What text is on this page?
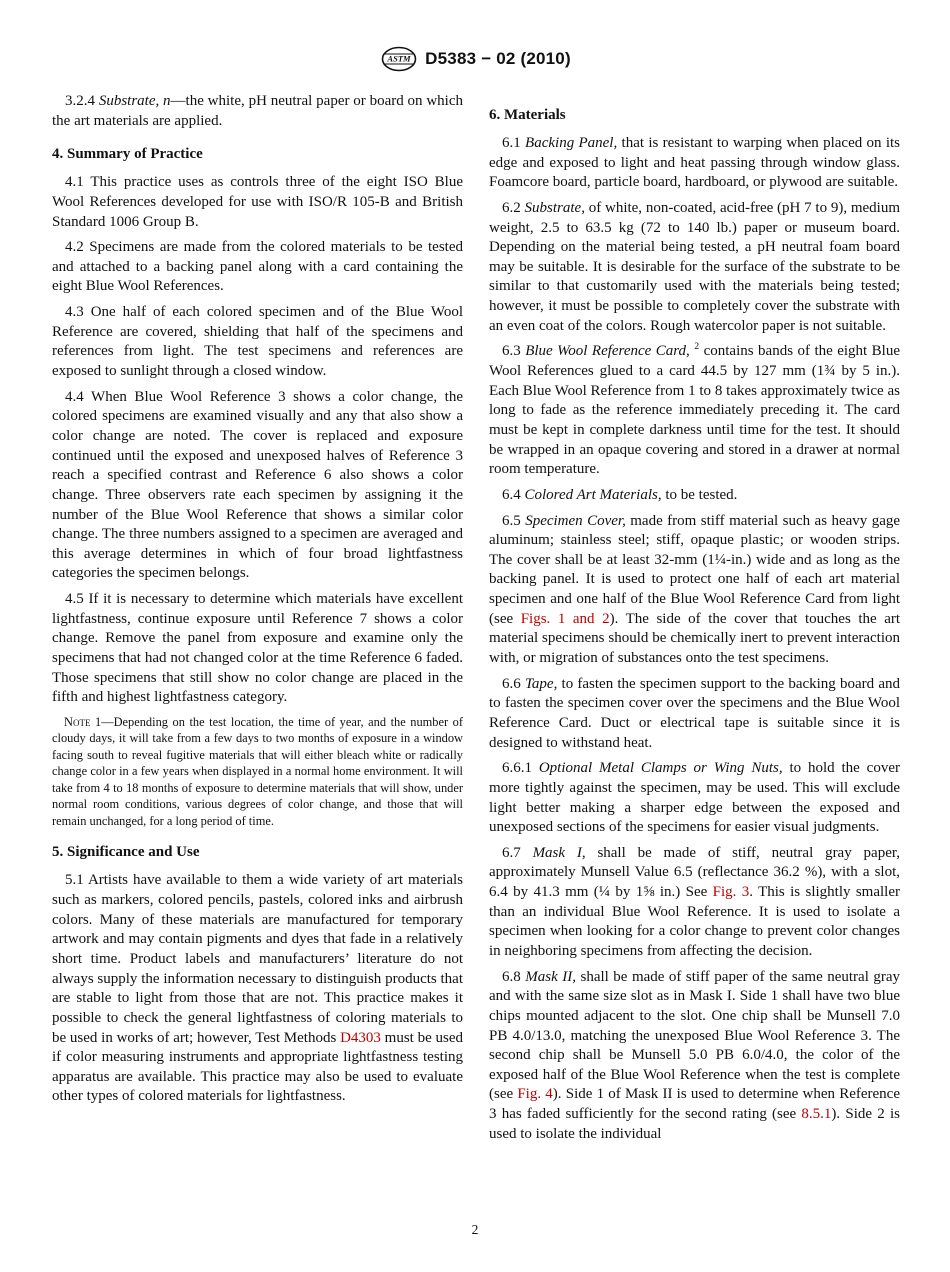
ASTM D5383 − 02 (2010)

3.2.4 Substrate, n—the white, pH neutral paper or board on which the art materials are applied.

4. Summary of Practice

4.1 This practice uses as controls three of the eight ISO Blue Wool References developed for use with ISO/R 105-B and British Standard 1006 Group B.

4.2 Specimens are made from the colored materials to be tested and attached to a backing panel along with a card containing the eight Blue Wool References.

4.3 One half of each colored specimen and of the Blue Wool Reference are covered, shielding that half of the specimens and references from light. The test specimens and references are exposed to sunlight through a closed window.

4.4 When Blue Wool Reference 3 shows a color change, the colored specimens are examined visually and any that also show a color change are noted. The cover is replaced and exposure continued until the exposed and unexposed halves of Reference 3 reach a specified contrast and Reference 6 also shows a color change. Three observers rate each specimen by assigning it the number of the Blue Wool Reference that shows a similar color change. The three numbers assigned to a specimen are averaged and this average determines in which of four broad lightfastness categories the specimen belongs.

4.5 If it is necessary to determine which materials have excellent lightfastness, continue exposure until Reference 7 shows a color change. Remove the panel from exposure and examine only the specimens that had not changed color at the time Reference 6 faded. Those specimens that still show no color change are placed in the fifth and highest lightfastness category.

Note 1—Depending on the test location, the time of year, and the number of cloudy days, it will take from a few days to two months of exposure in a window facing south to reveal fugitive materials that will either bleach white or radically change color in a few years when displayed in a normal home environment. It will take from 4 to 18 months of exposure to determine materials that will show, under normal room conditions, various degrees of color change, and those that will remain unchanged, for a long period of time.

5. Significance and Use

5.1 Artists have available to them a wide variety of art materials such as markers, colored pencils, pastels, colored inks and airbrush colors. Many of these materials are manufactured for temporary artwork and may contain pigments and dyes that fade in a relatively short time. Product labels and manufacturers’ literature do not always supply the information necessary to distinguish products that are stable to light from those that are not. This practice makes it possible to check the general lightfastness of coloring materials to be used in works of art; however, Test Methods D4303 must be used if color measuring instruments and appropriate lightfastness testing apparatus are available. This practice may also be used to evaluate other types of colored materials for lightfastness.

6. Materials

6.1 Backing Panel, that is resistant to warping when placed on its edge and exposed to light and heat passing through window glass. Foamcore board, particle board, hardboard, or plywood are suitable.

6.2 Substrate, of white, non-coated, acid-free (pH 7 to 9), medium weight, 2.5 to 63.5 kg (72 to 140 lb.) paper or museum board. Depending on the material being tested, a pH neutral foam board may be suitable. It is desirable for the surface of the substrate to be similar to that customarily used with the materials being tested; however, it must be possible to completely cover the substrate with an even coat of the colors. Rough watercolor paper is not suitable.

6.3 Blue Wool Reference Card, $^2$ contains bands of the eight Blue Wool References glued to a card 44.5 by 127 mm (1¾ by 5 in.). Each Blue Wool Reference from 1 to 8 takes approximately twice as long to fade as the reference immediately preceding it. The card must be kept in complete darkness until time for the test. It should be wrapped in an opaque covering and stored in a drawer at normal room temperature.

6.4 Colored Art Materials, to be tested.

6.5 Specimen Cover, made from stiff material such as heavy gage aluminum; stainless steel; stiff, opaque plastic; or wooden strips. The cover shall be at least 32-mm (1¼-in.) wide and as long as the backing panel. It is used to protect one half of each art material specimen and one half of the Blue Wool Reference Card from light (see Figs. 1 and 2). The side of the cover that touches the art material specimens should be chemically inert to prevent interaction with, or migration of substances onto the test specimens.

6.6 Tape, to fasten the specimen support to the backing board and to fasten the specimen cover over the specimens and the Blue Wool Reference Card. Duct or electrical tape is suitable since it is designed to withstand heat.

6.6.1 Optional Metal Clamps or Wing Nuts, to hold the cover more tightly against the specimen, may be used. This will exclude light better making a sharper edge between the exposed and unexposed sections of the specimens for easier visual judgments.

6.7 Mask I, shall be made of stiff, neutral gray paper, approximately Munsell Value 6.5 (reflectance 36.2 %), with a slot, 6.4 by 41.3 mm (¼ by 1⅝ in.) See Fig. 3. This is slightly smaller than an individual Blue Wool Reference. It is used to isolate a specimen when looking for a color change to prevent color changes in neighboring specimens from affecting the decision.

6.8 Mask II, shall be made of stiff paper of the same neutral gray and with the same size slot as in Mask I. Side 1 shall have two blue chips mounted adjacent to the slot. One chip shall be Munsell 7.0 PB 4.0/13.0, matching the unexposed Blue Wool Reference 3. The second chip shall be Munsell 5.0 PB 6.0/4.0, the color of the exposed half of the Blue Wool Reference when the test is complete (see Fig. 4). Side 1 of Mask II is used to determine when Reference 3 has faded sufficiently for the second rating (see 8.5.1). Side 2 is used to isolate the individual

2
